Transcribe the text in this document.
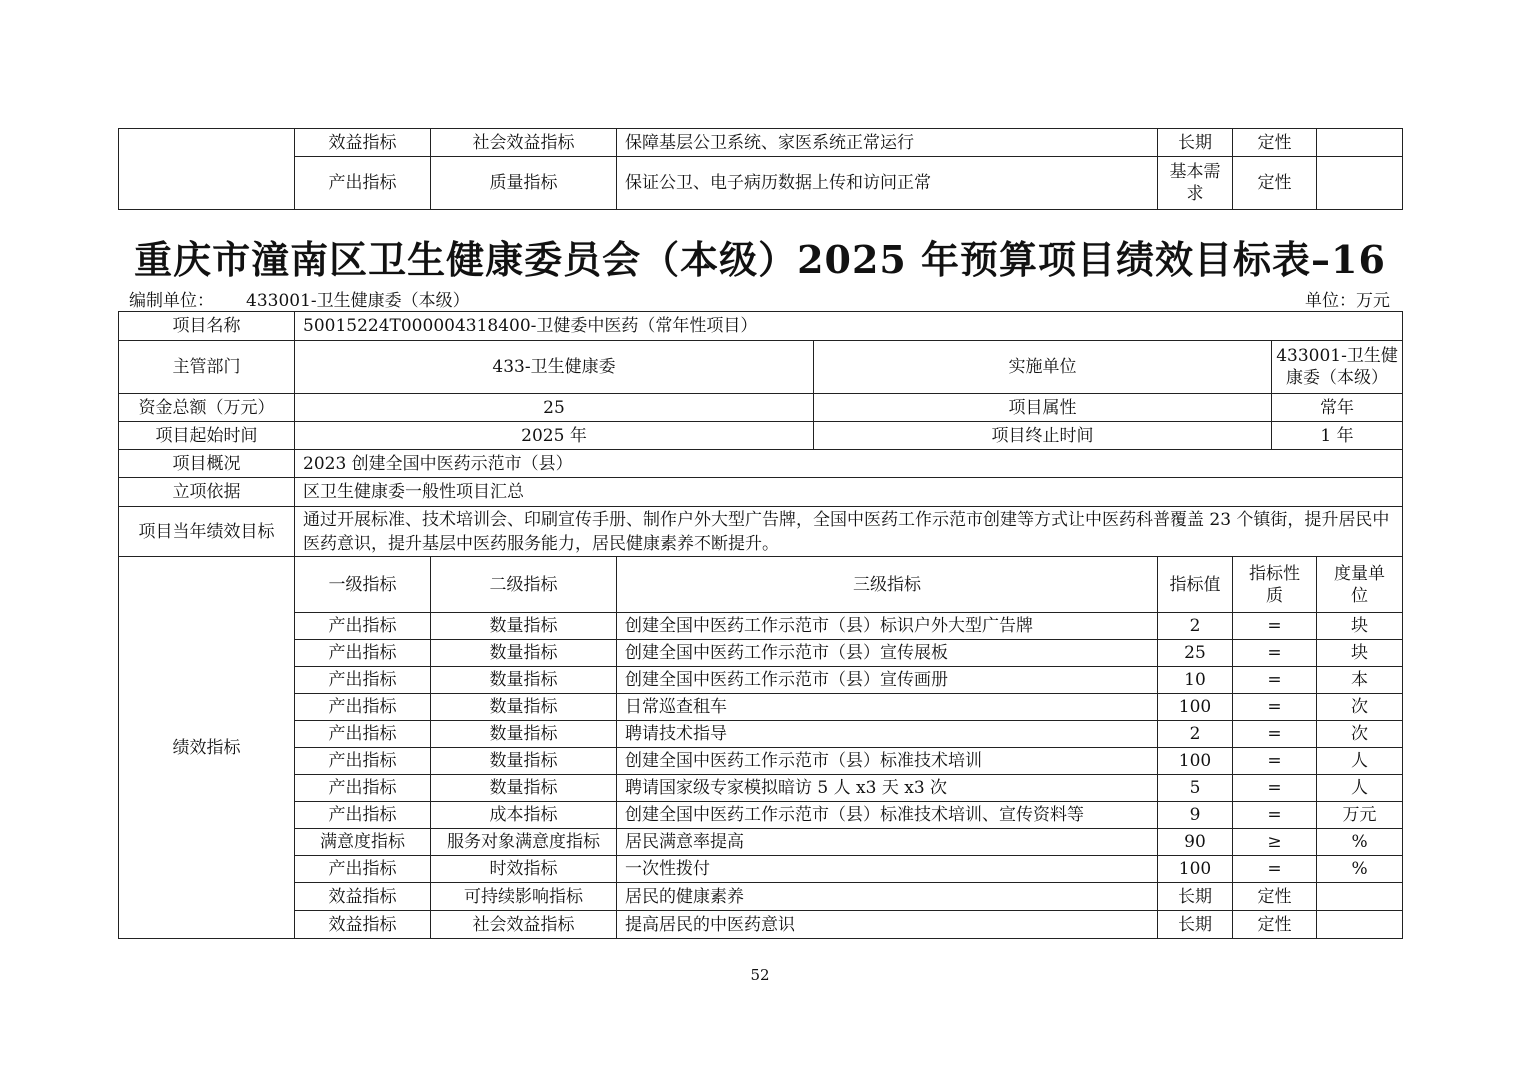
	效益指标	社会效益指标	保障基层公卫系统、家医系统正常运行	长期	定性	
	产出指标	质量指标	保证公卫、电子病历数据上传和访问正常	基本需求	定性	
重庆市潼南区卫生健康委员会（本级）2025 年预算项目绩效目标表–16
编制单位： 433001-卫生健康委（本级）	单位：万元
项目名称	50015224T000004318400-卫健委中医药（常年性项目）							
主管部门	433-卫生健康委			实施单位			433001-卫生健康委（本级）	
资金总额（万元）	25			项目属性			常年	
项目起始时间	2025 年			项目终止时间			1 年	
项目概况	2023 创建全国中医药示范市（县）							
立项依据	区卫生健康委一般性项目汇总							
项目当年绩效目标	通过开展标准、技术培训会、印刷宣传手册、制作户外大型广告牌，全国中医药工作示范市创建等方式让中医药科普覆盖 23 个镇街，提升居民中医药意识，提升基层中医药服务能力，居民健康素养不断提升。							
绩效指标	一级指标	二级指标	三级指标		指标值	指标性质		度量单位
	产出指标	数量指标	创建全国中医药工作示范市（县）标识户外大型广告牌		2	=		块
	产出指标	数量指标	创建全国中医药工作示范市（县）宣传展板		25	=		块
	产出指标	数量指标	创建全国中医药工作示范市（县）宣传画册		10	=		本
	产出指标	数量指标	日常巡查租车		100	=		次
	产出指标	数量指标	聘请技术指导		2	=		次
	产出指标	数量指标	创建全国中医药工作示范市（县）标准技术培训		100	=		人
	产出指标	数量指标	聘请国家级专家模拟暗访 5 人 x3 天 x3 次		5	=		人
	产出指标	成本指标	创建全国中医药工作示范市（县）标准技术培训、宣传资料等		9	=		万元
	满意度指标	服务对象满意度指标	居民满意率提高		90	≥		%
	产出指标	时效指标	一次性拨付		100	=		%
	效益指标	可持续影响指标	居民的健康素养		长期	定性		
	效益指标	社会效益指标	提高居民的中医药意识		长期	定性		
52
